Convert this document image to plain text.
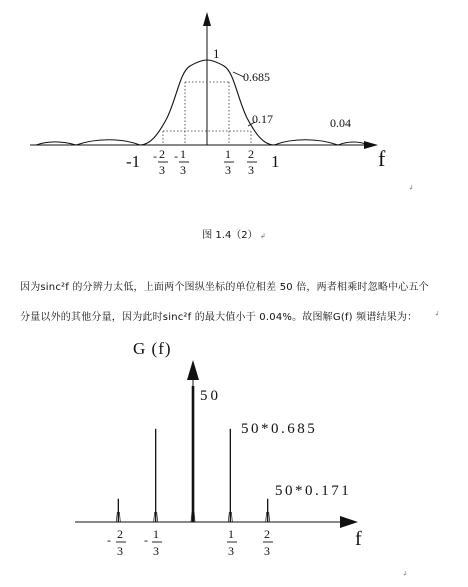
1
0.685
0.17	0.04
f
-1 - 2
3
- 1
3
1
3
2
3 1
↲
图 1.4（2） ↲
因为sinc²f 的分辨力太低，上面两个图纵坐标的单位相差 50 倍，两者相乘时忽略中心五个
分量以外的其他分量，因为此时sinc²f 的最大值小于 0.04%。故图解G(f) 频谱结果为：	↲
G (f)
50
50*0.685
50*0.171
f
- 2
3
- 1
3
1
3
2
3
↲
